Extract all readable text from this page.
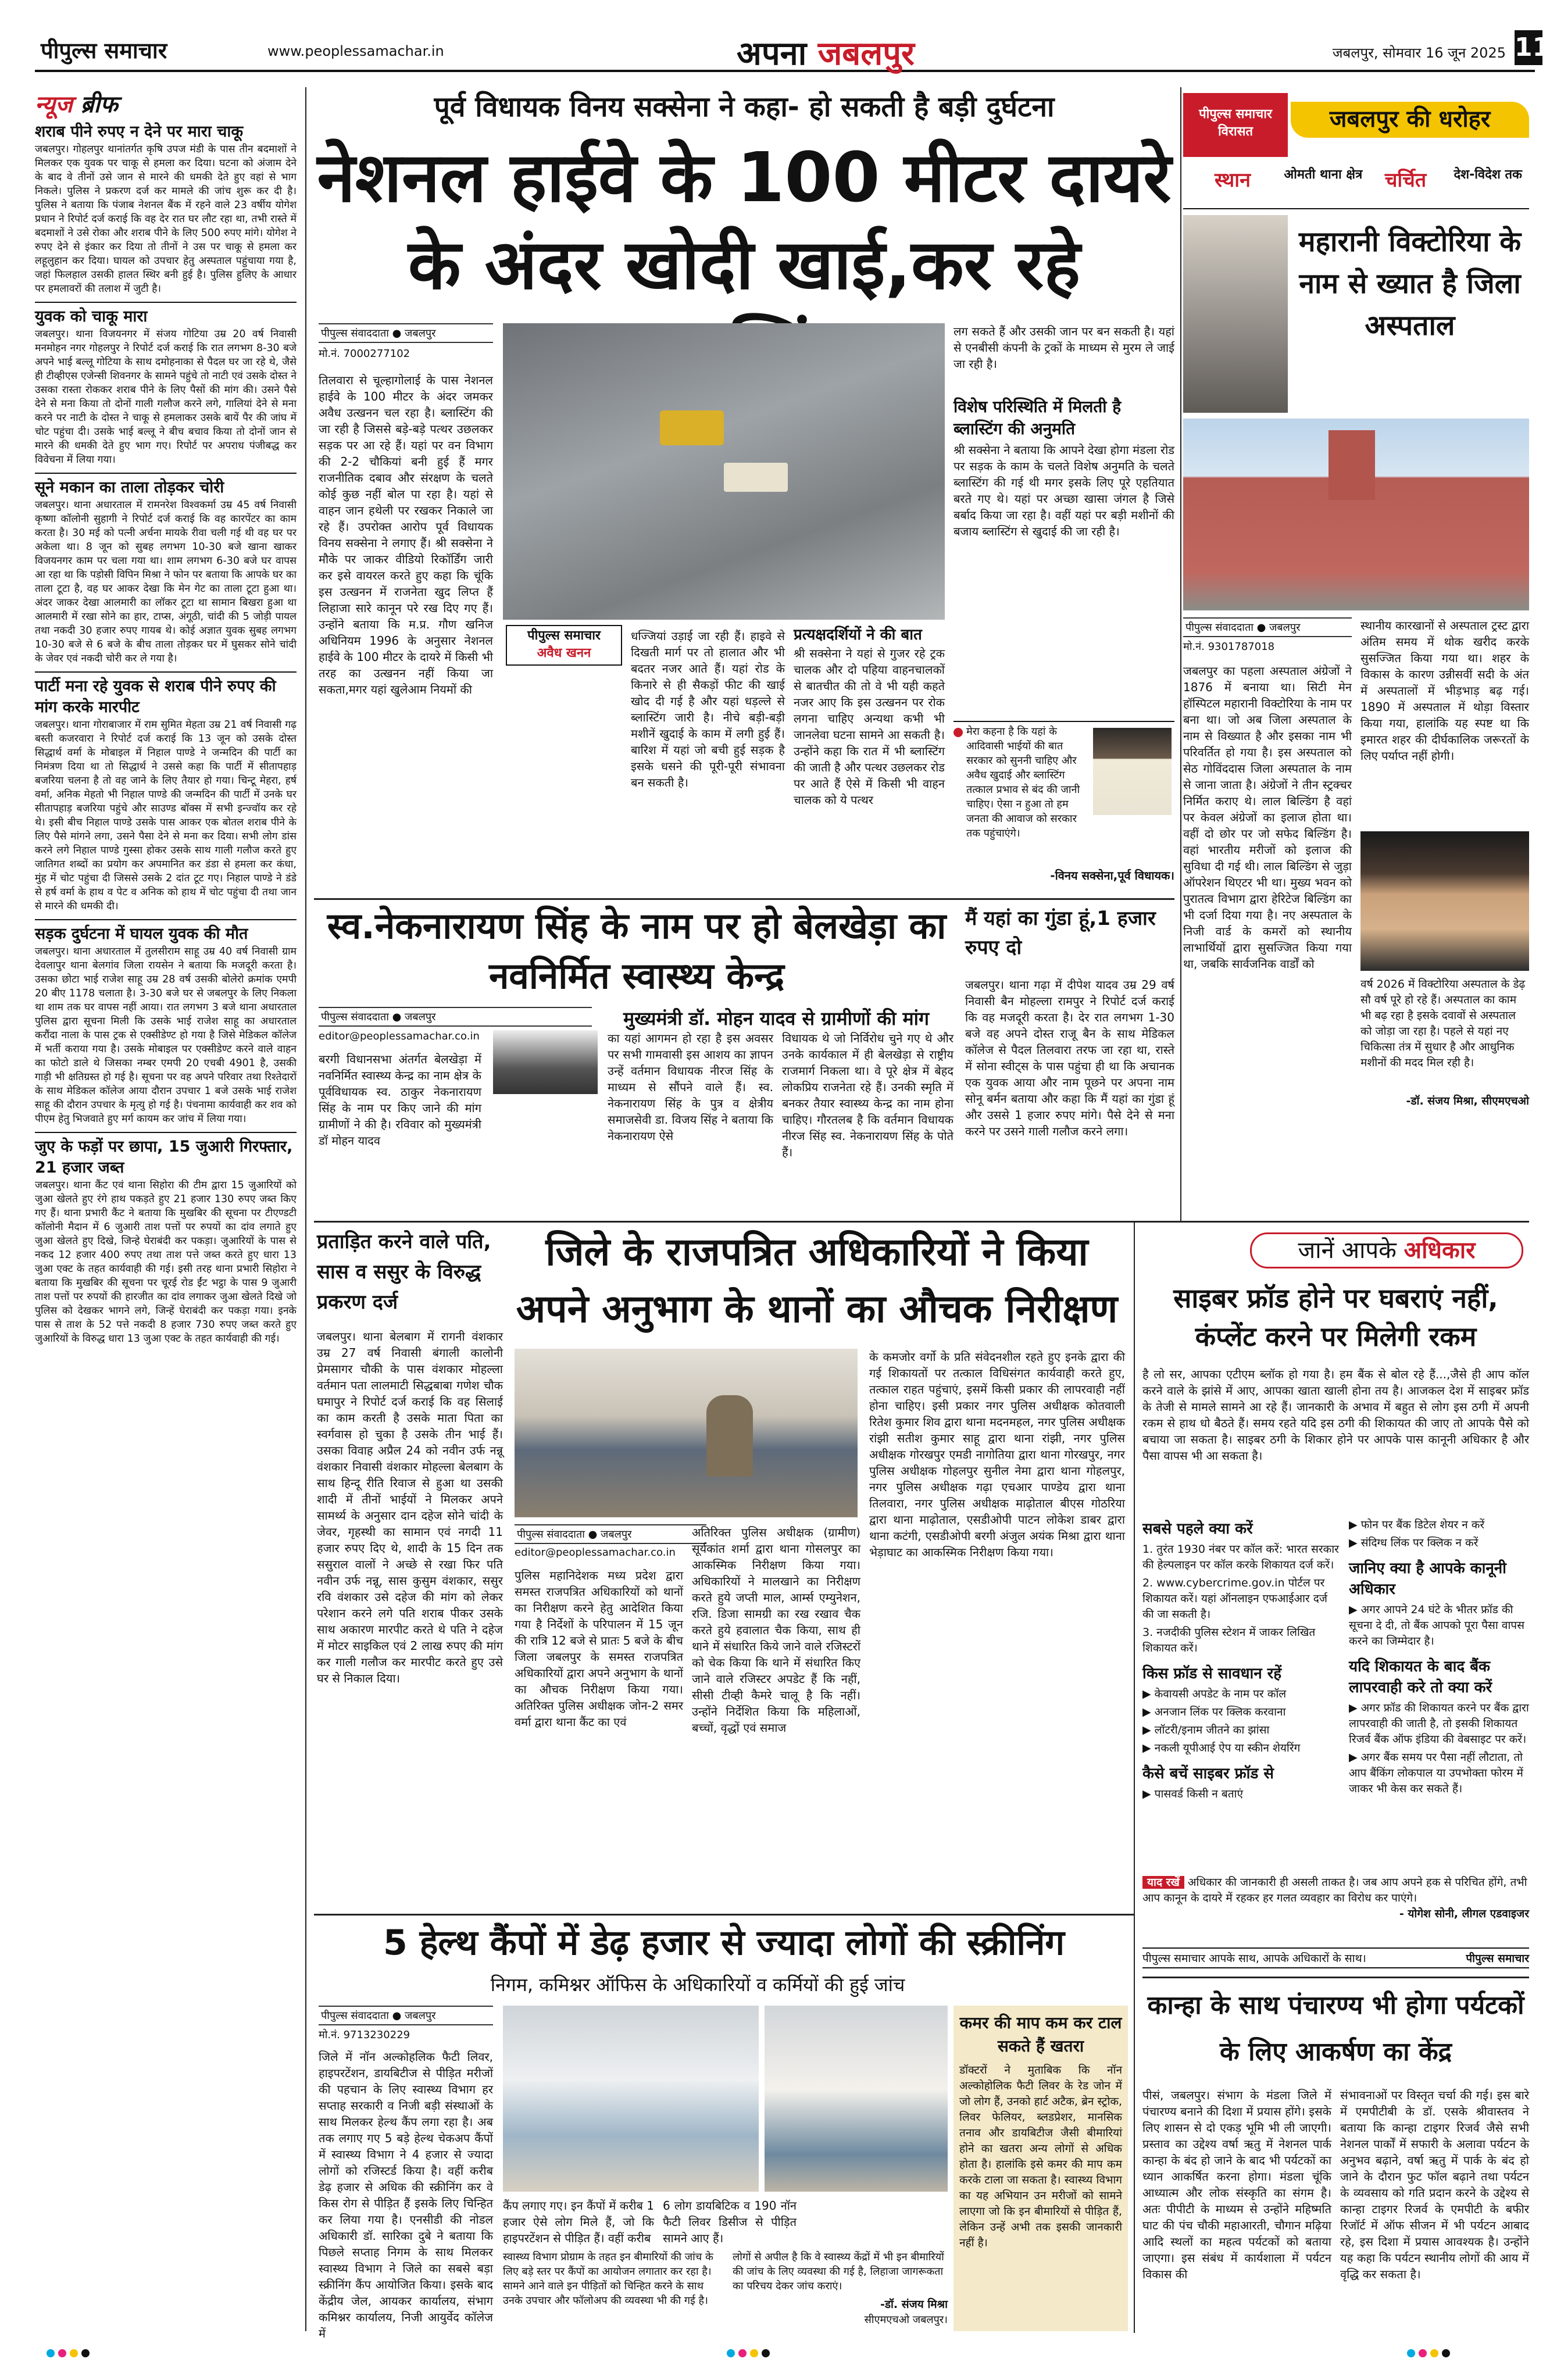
पीपुल्स समाचार	www.peoplessamachar.in	अपना जबलपुर	जबलपुर, सोमवार 16 जून 2025 11
न्यूज ब्रीफ
शराब पीने रुपए न देने पर मारा चाकू
जबलपुर। गोहलपुर थानांतर्गत कृषि उपज मंडी के पास तीन बदमाशों ने मिलकर एक युवक पर चाकू से हमला कर दिया। घटना को अंजाम देने के बाद वे तीनों उसे जान से मारने की धमकी देते हुए वहां से भाग निकले। पुलिस ने प्रकरण दर्ज कर मामले की जांच शुरू कर दी है। पुलिस ने बताया कि पंजाब नेशनल बैंक में रहने वाले 23 वर्षीय योगेश प्रधान ने रिपोर्ट दर्ज कराई कि वह देर रात घर लौट रहा था, तभी रास्ते में बदमाशों ने उसे रोका और शराब पीने के लिए 500 रुपए मांगे। योगेश ने रुपए देने से इंकार कर दिया तो तीनों ने उस पर चाकू से हमला कर लहूलुहान कर दिया। घायल को उपचार हेतु अस्पताल पहुंचाया गया है, जहां फिलहाल उसकी हालत स्थिर बनी हुई है। पुलिस हुलिए के आधार पर हमलावरों की तलाश में जुटी है।
युवक को चाकू मारा
जबलपुर। थाना विजयनगर में संजय गोटिया उम्र 20 वर्ष निवासी मनमोहन नगर गोहलपुर ने रिपोर्ट दर्ज कराई कि रात लगभग 8-30 बजे अपने भाई बल्लू गोटिया के साथ दमोहनाका से पैदल घर जा रहे थे, जैसे ही टीव्हीएस एजेन्सी शिवनगर के सामने पहुंचे तो नाटी एवं उसके दोस्त ने उसका रास्ता रोककर शराब पीने के लिए पैसों की मांग की। उसने पैसे देने से मना किया तो दोनों गाली गलौज करने लगे, गालियां देने से मना करने पर नाटी के दोस्त ने चाकू से हमलाकर उसके बायें पैर की जांघ में चोट पहुंचा दी। उसके भाई बल्लू ने बीच बचाव किया तो दोनों जान से मारने की धमकी देते हुए भाग गए। रिपोर्ट पर अपराध पंजीबद्ध कर विवेचना में लिया गया।
सूने मकान का ताला तोड़कर चोरी
जबलपुर। थाना अधारताल में रामनरेश विश्वकर्मा उम्र 45 वर्ष निवासी कृष्णा कॉलोनी सुहागी ने रिपोर्ट दर्ज कराई कि वह कारपेंटर का काम करता है। 30 मई को पत्नी अर्चना मायके रीवा चली गई थी वह घर पर अकेला था। 8 जून को सुबह लगभग 10-30 बजे खाना खाकर विजयनगर काम पर चला गया था। शाम लगभग 6-30 बजे घर वापस आ रहा था कि पड़ोसी विपिन मिश्रा ने फोन पर बताया कि आपके घर का ताला टूटा है, वह घर आकर देखा कि मेन गेट का ताला टूटा हुआ था। अंदर जाकर देखा आलमारी का लॉकर टूटा था सामान बिखरा हुआ था आलमारी में रखा सोने का हार, टाप्स, अंगूठी, चांदी की 5 जोड़ी पायल तथा नकदी 30 हजार रुपए गायब थे। कोई अज्ञात युवक सुबह लगभग 10-30 बजे से 6 बजे के बीच ताला तोड़कर घर में घुसकर सोने चांदी के जेवर एवं नकदी चोरी कर ले गया है।
पार्टी मना रहे युवक से शराब पीने रुपए की मांग करके मारपीट
जबलपुर। थाना गोराबाजार में राम सुमित मेहता उम्र 21 वर्ष निवासी गढ़ बस्ती कजरवारा ने रिपोर्ट दर्ज कराई कि 13 जून को उसके दोस्त सिद्धार्थ वर्मा के मोबाइल में निहाल पाण्डे ने जन्मदिन की पार्टी का निमंत्रण दिया था तो सिद्धार्थ ने उससे कहा कि पार्टी में सीतापहाड़ बजरिया चलना है तो वह जाने के लिए तैयार हो गया। चिन्टू मेहरा, हर्ष वर्मा, अनिक मेहतो भी निहाल पाण्डे की जन्मदिन की पार्टी में उनके घर सीतापहाड़ बजरिया पहुंचे और साउण्ड बॉक्स में सभी इन्ज्वॉय कर रहे थे। इसी बीच निहाल पाण्डे उसके पास आकर एक बोतल शराब पीने के लिए पैसे मांगने लगा, उसने पैसा देने से मना कर दिया। सभी लोग डांस करने लगे निहाल पाण्डे गुस्सा होकर उसके साथ गाली गलौज करते हुए जातिगत शब्दों का प्रयोग कर अपमानित कर डंडा से हमला कर कंधा, मुंह में चोट पहुंचा दी जिससे उसके 2 दांत टूट गए। निहाल पाण्डे ने डंडे से हर्ष वर्मा के हाथ व पेट व अनिक को हाथ में चोट पहुंचा दी तथा जान से मारने की धमकी दी।
सड़क दुर्घटना में घायल युवक की मौत
जबलपुर। थाना अधारताल में तुलसीराम साहू उम्र 40 वर्ष निवासी ग्राम देवलापुर थाना बेलगांव जिला रायसेन ने बताया कि मजदूरी करता है। उसका छोटा भाई राजेश साहू उम्र 28 वर्ष उसकी बोलेरो क्रमांक एमपी 20 बीए 1178 चलाता है। 3-30 बजे घर से जबलपुर के लिए निकला था शाम तक घर वापस नहीं आया। रात लगभग 3 बजे थाना अधारताल पुलिस द्वारा सूचना मिली कि उसके भाई राजेश साहू का अधारताल करौंदा नाला के पास ट्रक से एक्सीडेण्ट हो गया है जिसे मेडिकल कॉलेज में भर्ती कराया गया है। उसके मोबाइल पर एक्सीडेण्ट करने वाले वाहन का फोटो डाले थे जिसका नम्बर एमपी 20 एचबी 4901 है, उसकी गाड़ी भी क्षतिग्रस्त हो गई है। सूचना पर वह अपने परिवार तथा रिश्तेदारों के साथ मेडिकल कॉलेज आया दौरान उपचार 1 बजे उसके भाई राजेश साहू की दौरान उपचार के मृत्यु हो गई है। पंचनामा कार्यवाही कर शव को पीएम हेतु भिजवाते हुए मर्ग कायम कर जांच में लिया गया।
जुए के फड़ों पर छापा, 15 जुआरी गिरफ्तार, 21 हजार जब्त
जबलपुर। थाना कैंट एवं थाना सिहोरा की टीम द्वारा 15 जुआरियों को जुआ खेलते हुए रंगे हाथ पकड़ते हुए 21 हजार 130 रुपए जब्त किए गए हैं। थाना प्रभारी कैंट ने बताया कि मुखबिर की सूचना पर टीएण्डटी कॉलोनी मैदान में 6 जुआरी ताश पत्तों पर रुपयों का दांव लगाते हुए जुआ खेलते हुए दिखे, जिन्हे घेराबंदी कर पकड़ा। जुआरियों के पास से नकद 12 हजार 400 रुपए तथा ताश पत्ते जब्त करते हुए धारा 13 जुआ एक्ट के तहत कार्यवाही की गई। इसी तरह थाना प्रभारी सिहोरा ने बताया कि मुखबिर की सूचना पर चूरई रोड ईंट भट्ठा के पास 9 जुआरी ताश पत्तों पर रुपयों की हारजीत का दांव लगाकर जुआ खेलते दिखे जो पुलिस को देखकर भागने लगे, जिन्हें घेराबंदी कर पकड़ा गया। इनके पास से ताश के 52 पत्ते नकदी 8 हजार 730 रुपए जब्त करते हुए जुआरियों के विरुद्ध धारा 13 जुआ एक्ट के तहत कार्यवाही की गई।
पूर्व विधायक विनय सक्सेना ने कहा- हो सकती है बड़ी दुर्घटना
नेशनल हाईवे के 100 मीटर दायरे के अंदर खोदी खाई,कर रहे
पीपुल्स संवाददाता ● जबलपुर
मो.नं. 7000277102
तिलवारा से चूल्हागोलाई के पास नेशनल हाईवे के 100 मीटर के अंदर जमकर अवैध उत्खनन चल रहा है। ब्लास्टिंग की जा रही है जिससे बड़े-बड़े पत्थर उछलकर सड़क पर आ रहे हैं। यहां पर वन विभाग की 2-2 चौकियां बनी हुई हैं मगर राजनीतिक दबाव और संरक्षण के चलते कोई कुछ नहीं बोल पा रहा है। यहां से वाहन जान हथेली पर रखकर निकाले जा रहे हैं। उपरोक्त आरोप पूर्व विधायक विनय सक्सेना ने लगाए हैं। श्री सक्सेना ने मौके पर जाकर वीडियो रिकॉर्डिंग जारी कर इसे वायरल करते हुए कहा कि चूंकि इस उत्खनन में राजनेता खुद लिप्त हैं लिहाजा सारे कानून परे रख दिए गए हैं। उन्होंने बताया कि म.प्र. गौण खनिज अधिनियम 1996 के अनुसार नेशनल हाईवे के 100 मीटर के दायरे में किसी भी तरह का उत्खनन नहीं किया जा सकता,मगर यहां खुलेआम नियमों की
पीपुल्स समाचार
अवैध खनन
धज्जियां उड़ाई जा रही हैं। हाइवे से दिखती मार्ग पर तो हालात और भी बदतर नजर आते हैं। यहां रोड के किनारे से ही सैकड़ों फीट की खाई खोद दी गई है और यहां धड़ल्ले से ब्लास्टिंग जारी है। नीचे बड़ी-बड़ी मशीनें खुदाई के काम में लगी हुई हैं। बारिश में यहां जो बची हुई सड़क है इसके धसने की पूरी-पूरी संभावना बन सकती है।
प्रत्यक्षदर्शियों ने की बात
श्री सक्सेना ने यहां से गुजर रहे ट्रक चालक और दो पहिया वाहनचालकों से बातचीत की तो वे भी यही कहते नजर आए कि इस उत्खनन पर रोक लगना चाहिए अन्यथा कभी भी जानलेवा घटना सामने आ सकती है। उन्होंने कहा कि रात में भी ब्लास्टिंग की जाती है और पत्थर उछलकर रोड पर आते हैं ऐसे में किसी भी वाहन चालक को ये पत्थर
लग सकते हैं और उसकी जान पर बन सकती है। यहां से एनबीसी कंपनी के ट्रकों के माध्यम से मुरम ले जाई जा रही है।
विशेष परिस्थिति में मिलती है ब्लास्टिंग की अनुमति
श्री सक्सेना ने बताया कि आपने देखा होगा मंडला रोड पर सड़क के काम के चलते विशेष अनुमति के चलते ब्लास्टिंग की गई थी मगर इसके लिए पूरे एहतियात बरते गए थे। यहां पर अच्छा खासा जंगल है जिसे बर्बाद किया जा रहा है। वहीं यहां पर बड़ी मशीनों की बजाय ब्लास्टिंग से खुदाई की जा रही है।
मेरा कहना है कि यहां के आदिवासी भाईयों की बात सरकार को सुननी चाहिए और अवैध खुदाई और ब्लास्टिंग तत्काल प्रभाव से बंद की जानी चाहिए। ऐसा न हुआ तो हम जनता की आवाज को सरकार तक पहुंचाएंगे।
-विनय सक्सेना,पूर्व विधायक।
पीपुल्स समाचार विरासत	जबलपुर की धरोहर
स्थान	ओमती थाना क्षेत्र	चर्चित	देश-विदेश तक
महारानी विक्टोरिया के नाम से ख्यात है जिला अस्पताल
पीपुल्स संवाददाता ● जबलपुर
मो.नं. 9301787018
जबलपुर का पहला अस्पताल अंग्रेजों ने 1876 में बनाया था। सिटी मेन हॉस्पिटल महारानी विक्टोरिया के नाम पर बना था। जो अब जिला अस्पताल के नाम से विख्यात है और इसका नाम भी परिवर्तित हो गया है। इस अस्पताल को सेठ गोविंददास जिला अस्पताल के नाम से जाना जाता है। अंग्रेजों ने तीन स्ट्रक्चर निर्मित कराए थे। लाल बिल्डिंग है वहां पर केवल अंग्रेजों का इलाज होता था। वहीं दो छोर पर जो सफेद बिल्डिंग है। वहां भारतीय मरीजों को इलाज की सुविधा दी गई थी। लाल बिल्डिंग से जुड़ा ऑपरेशन थिएटर भी था। मुख्य भवन को पुरातत्व विभाग द्वारा हेरिटेज बिल्डिंग का भी दर्जा दिया गया है। नए अस्पताल के निजी वार्ड के कमरों को स्थानीय लाभार्थियों द्वारा सुसज्जित किया गया था, जबकि सार्वजनिक वार्डों को
स्थानीय कारखानों से अस्पताल ट्रस्ट द्वारा अंतिम समय में थोक खरीद करके सुसज्जित किया गया था। शहर के विकास के कारण उन्नीसवीं सदी के अंत में अस्पतालों में भीड़भाड़ बढ़ गई। 1890 में अस्पताल में थोड़ा विस्तार किया गया, हालांकि यह स्पष्ट था कि इमारत शहर की दीर्घकालिक जरूरतों के लिए पर्याप्त नहीं होगी।
वर्ष 2026 में विक्टोरिया अस्पताल के डेढ़ सौ वर्ष पूरे हो रहे हैं। अस्पताल का काम भी बढ़ रहा है इसके दवावों से अस्पताल को जोड़ा जा रहा है। पहले से यहां नए चिकित्सा तंत्र में सुधार है और आधुनिक मशीनों की मदद मिल रही है।
-डॉ. संजय मिश्रा, सीएमएचओ
स्व.नेकनारायण सिंह के नाम पर हो बेलखेड़ा का नवनिर्मित स्वास्थ्य केन्द्र
पीपुल्स संवाददाता ● जबलपुर	मुख्यमंत्री डॉ. मोहन यादव से ग्रामीणों की मांग
editor@peoplessamachar.co.in
बरगी विधानसभा अंतर्गत बेलखेड़ा में नवनिर्मित स्वास्थ्य केन्द्र का नाम क्षेत्र के पूर्वविधायक स्व. ठाकुर नेकनारायण सिंह के नाम पर किए जाने की मांग ग्रामीणों ने की है। रविवार को मुख्यमंत्री डॉ मोहन यादव
का यहां आगमन हो रहा है इस अवसर पर सभी गामवासी इस आशय का ज्ञापन उन्हें वर्तमान विधायक नीरज सिंह के माध्यम से सौंपने वाले हैं। स्व. नेकनारायण सिंह के पुत्र व क्षेत्रीय समाजसेवी डा. विजय सिंह ने बताया कि नेकनारायण ऐसे
विधायक थे जो निर्विरोध चुने गए थे और उनके कार्यकाल में ही बेलखेड़ा से राष्ट्रीय राजमार्ग निकला था। वे पूरे क्षेत्र में बेहद लोकप्रिय राजनेता रहे हैं। उनकी स्मृति में बनकर तैयार स्वास्थ्य केन्द्र का नाम होना चाहिए। गौरतलब है कि वर्तमान विधायक नीरज सिंह स्व. नेकनारायण सिंह के पोते हैं।
मैं यहां का गुंडा हूं,1 हजार रुपए दो
जबलपुर। थाना गढ़ा में दीपेश यादव उम्र 29 वर्ष निवासी बैन मोहल्ला रामपुर ने रिपोर्ट दर्ज कराई कि वह मजदूरी करता है। देर रात लगभग 1-30 बजे वह अपने दोस्त राजू बैन के साथ मेडिकल कॉलेज से पैदल तिलवारा तरफ जा रहा था, रास्ते में सोना स्वीट्स के पास पहुंचा ही था कि अचानक एक युवक आया और नाम पूछने पर अपना नाम सोनू बर्मन बताया और कहा कि मैं यहां का गुंडा हूं और उससे 1 हजार रुपए मांगे। पैसे देने से मना करने पर उसने गाली गलौज करने लगा।
प्रताड़ित करने वाले पति, सास व ससुर के विरुद्ध प्रकरण दर्ज
जबलपुर। थाना बेलबाग में रागनी वंशकार उम्र 27 वर्ष निवासी बंगाली कालोनी प्रेमसागर चौकी के पास वंशकार मोहल्ला वर्तमान पता लालमाटी सिद्धबाबा गणेश चौक घमापुर ने रिपोर्ट दर्ज कराई कि वह सिलाई का काम करती है उसके माता पिता का स्वर्गवास हो चुका है उसके तीन भाई हैं। उसका विवाह अप्रैल 24 को नवीन उर्फ नन्नू वंशकार निवासी वंशकार मोहल्ला बेलबाग के साथ हिन्दू रीति रिवाज से हुआ था उसकी शादी में तीनों भाईयों ने मिलकर अपने सामर्थ्य के अनुसार दान दहेज सोने चांदी के जेवर, गृहस्थी का सामान एवं नगदी 11 हजार रुपए दिए थे, शादी के 15 दिन तक ससुराल वालों ने अच्छे से रखा फिर पति नवीन उर्फ नन्नू, सास कुसुम वंशकार, ससुर रवि वंशकार उसे दहेज की मांग को लेकर परेशान करने लगे पति शराब पीकर उसके साथ अकारण मारपीट करते थे पति ने दहेज में मोटर साइकिल एवं 2 लाख रुपए की मांग कर गाली गलौज कर मारपीट करते हुए उसे घर से निकाल दिया।
जिले के राजपत्रित अधिकारियों ने किया अपने अनुभाग के थानों का औचक निरीक्षण
पीपुल्स संवाददाता ● जबलपुर
editor@peoplessamachar.co.in
पुलिस महानिदेशक मध्य प्रदेश द्वारा समस्त राजपत्रित अधिकारियों को थानों का निरीक्षण करने हेतु आदेशित किया गया है निर्देशों के परिपालन में 15 जून की रात्रि 12 बजे से प्रातः 5 बजे के बीच जिला जबलपुर के समस्त राजपत्रित अधिकारियों द्वारा अपने अनुभाग के थानों का औचक निरीक्षण किया गया। अतिरिक्त पुलिस अधीक्षक जोन-2 समर वर्मा द्वारा थाना कैंट का एवं
अतिरिक्त पुलिस अधीक्षक (ग्रामीण) सूर्यकांत शर्मा द्वारा थाना गोसलपुर का आकस्मिक निरीक्षण किया गया। अधिकारियों ने मालखाने का निरीक्षण करते हुये जप्ती माल, आर्म्स एम्युनेशन, रजि. डिजा सामग्री का रख रखाव चैक करते हुये हवालात चैक किया, साथ ही थाने में संधारित किये जाने वाले रजिस्टरों को चेक किया कि थाने में संधारित किए जाने वाले रजिस्टर अपडेट हैं कि नहीं, सीसी टीव्ही कैमरे चालू है कि नहीं। उन्होंने निर्देशित किया कि महिलाओं, बच्चों, वृद्धों एवं समाज
के कमजोर वर्गो के प्रति संवेदनशील रहते हुए इनके द्वारा की गई शिकायतों पर तत्काल विधिसंगत कार्यवाही करते हुए, तत्काल राहत पहुंचाएं, इसमें किसी प्रकार की लापरवाही नहीं होना चाहिए। इसी प्रकार नगर पुलिस अधीक्षक कोतवाली रितेश कुमार शिव द्वारा थाना मदनमहल, नगर पुलिस अधीक्षक रांझी सतीश कुमार साहू द्वारा थाना रांझी, नगर पुलिस अधीक्षक गोरखपुर एमडी नागोतिया द्वारा थाना गोरखपुर, नगर पुलिस अधीक्षक गोहलपुर सुनील नेमा द्वारा थाना गोहलपुर, नगर पुलिस अधीक्षक गढ़ा एचआर पाण्डेय द्वारा थाना तिलवारा, नगर पुलिस अधीक्षक माढ़ोताल बीएस गोठरिया द्वारा थाना माढ़ोताल, एसडीओपी पाटन लोकेश डाबर द्वारा थाना कटंगी, एसडीओपी बरगी अंजुल अयंक मिश्रा द्वारा थाना भेड़ाघाट का आकस्मिक निरीक्षण किया गया।
जानें आपके अधिकार
साइबर फ्रॉड होने पर घबराएं नहीं, कंप्लेंट करने पर मिलेगी रकम
है लो सर, आपका एटीएम ब्लॉक हो गया है। हम बैंक से बोल रहे हैं...,जैसे ही आप कॉल करने वाले के झांसे में आए, आपका खाता खाली होना तय है। आजकल देश में साइबर फ्रॉड के तेजी से मामले सामने आ रहे हैं। जानकारी के अभाव में बहुत से लोग इस ठगी में अपनी रकम से हाथ धो बैठते हैं। समय रहते यदि इस ठगी की शिकायत की जाए तो आपके पैसे को बचाया जा सकता है। साइबर ठगी के शिकार होने पर आपके पास कानूनी अधिकार है और पैसा वापस भी आ सकता है।
सबसे पहले क्या करें
1. तुरंत 1930 नंबर पर कॉल करें: भारत सरकार की हेल्पलाइन पर कॉल करके शिकायत दर्ज करें।
2. www.cybercrime.gov.in पोर्टल पर शिकायत करें। यहां ऑनलाइन एफआईआर दर्ज की जा सकती है।
3. नजदीकी पुलिस स्टेशन में जाकर लिखित शिकायत करें।
किस फ्रॉड से सावधान रहें
▶ केवायसी अपडेट के नाम पर कॉल
▶ अनजान लिंक पर क्लिक करवाना
▶ लॉटरी/इनाम जीतने का झांसा
▶ नकली यूपीआई ऐप या स्कीन शेयरिंग
कैसे बचें साइबर फ्रॉड से
▶ पासवर्ड किसी न बताएं
▶ फोन पर बैंक डिटेल शेयर न करें
▶ संदिग्ध लिंक पर क्लिक न करें
जानिए क्या है आपके कानूनी अधिकार
▶ अगर आपने 24 घंटे के भीतर फ्रॉड की सूचना दे दी, तो बैंक आपको पूरा पैसा वापस करने का जिम्मेदार है।
यदि शिकायत के बाद बैंक लापरवाही करे तो क्या करें
▶ अगर फ्रॉड की शिकायत करने पर बैंक द्वारा लापरवाही की जाती है, तो इसकी शिकायत रिजर्व बैंक ऑफ इंडिया की वेबसाइट पर करें।
▶ अगर बैंक समय पर पैसा नहीं लौटाता, तो आप बैंकिंग लोकपाल या उपभोक्ता फोरम में जाकर भी केस कर सकते हैं।
याद रखें अधिकार की जानकारी ही असली ताकत है। जब आप अपने हक से परिचित होंगे, तभी आप कानून के दायरे में रहकर हर गलत व्यवहार का विरोध कर पाएंगे।
- योगेश सोनी, लीगल एडवाइजर
पीपुल्स समाचार आपके साथ, आपके अधिकारों के साथ।	पीपुल्स समाचार
5 हेल्थ कैंपों में डेढ़ हजार से ज्यादा लोगों की स्क्रीनिंग
निगम, कमिश्नर ऑफिस के अधिकारियों व कर्मियों की हुई जांच
पीपुल्स संवाददाता ● जबलपुर
मो.नं. 9713230229
जिले में नॉन अल्कोहलिक फैटी लिवर, हाइपरटेंशन, डायबिटीज से पीड़ित मरीजों की पहचान के लिए स्वास्थ्य विभाग हर सप्ताह सरकारी व निजी बड़ी संस्थाओं के साथ मिलकर हेल्थ कैंप लगा रहा है। अब तक लगाए गए 5 बड़े हेल्थ चेकअप कैंपों में स्वास्थ्य विभाग ने 4 हजार से ज्यादा लोगों को रजिस्टर्ड किया है। वहीं करीब डेढ़ हजार से अधिक की स्क्रीनिंग कर वे किस रोग से पीड़ित हैं इसके लिए चिन्हित कर लिया गया है। एनसीडी की नोडल अधिकारी डॉ. सारिका दुबे ने बताया कि पिछले सप्ताह निगम के साथ मिलकर स्वास्थ्य विभाग ने जिले का सबसे बड़ा स्क्रीनिंग कैंप आयोजित किया। इसके बाद केंद्रीय जेल, आयकर कार्यालय, संभाग कमिश्नर कार्यालय, निजी आयुर्वेद कॉलेज में
कैंप लगाए गए। इन कैंपों में करीब 1 हजार ऐसे लोग मिले हैं, जो कि हाइपरटेंशन से पीड़ित हैं। वहीं करीब
6 लोग डायबिटिक व 190 नॉन फैटी लिवर डिसीज से पीड़ित सामने आए हैं।
स्वास्थ्य विभाग प्रोग्राम के तहत इन बीमारियों की जांच के लिए बड़े स्तर पर कैंपों का आयोजन लगातार कर रहा है। सामने आने वाले इन पीड़ितों को चिन्हित करने के साथ उनके उपचार और फॉलोअप की व्यवस्था भी की गई है।
लोगों से अपील है कि वे स्वास्थ्य केंद्रों में भी इन बीमारियों की जांच के लिए व्यवस्था की गई है, लिहाजा जागरूकता का परिचय देकर जांच कराएं।
-डॉ. संजय मिश्रा
सीएमएचओ जबलपुर।
कमर की माप कम कर टाल सकते हैं खतरा
डॉक्टरों ने मुताबिक कि नॉन अल्कोहोलिक फैटी लिवर के रेड जोन में जो लोग हैं, उनको हार्ट अटैक, ब्रेन स्ट्रोक, लिवर फेलियर, ब्लडप्रेशर, मानसिक तनाव और डायबिटीज जैसी बीमारियां होने का खतरा अन्य लोगों से अधिक होता है। हालांकि इसे कमर की माप कम करके टाला जा सकता है। स्वास्थ्य विभाग का यह अभियान उन मरीजों को सामने लाएगा जो कि इन बीमारियों से पीड़ित हैं, लेकिन उन्हें अभी तक इसकी जानकारी नहीं है।
कान्हा के साथ पंचारण्य भी होगा पर्यटकों के लिए आकर्षण का केंद्र
पीसं, जबलपुर। संभाग के मंडला जिले में पंचारण्य बनाने की दिशा में प्रयास होंगे। इसके लिए शासन से दो एकड़ भूमि भी ली जाएगी। प्रस्ताव का उद्देश्य वर्षा ऋतु में नेशनल पार्क कान्हा के बंद हो जाने के बाद भी पर्यटकों का ध्यान आकर्षित करना होगा। मंडला चूंकि आध्यात्म और लोक संस्कृति का संगम है। अतः पीपीटी के माध्यम से उन्होंने महिष्मति घाट की पंच चौकी महाआरती, चौगान मढ़िया आदि स्थलों का महत्व पर्यटकों को बताया जाएगा। इस संबंध में कार्यशाला में पर्यटन विकास की
संभावनाओं पर विस्तृत चर्चा की गई। इस बारे में एमपीटीबी के डॉ. एसके श्रीवास्तव ने बताया कि कान्हा टाइगर रिजर्व जैसे सभी नेशनल पार्कों में सफारी के अलावा पर्यटन के अनुभव बढ़ाने, वर्षा ऋतु में पार्क के बंद हो जाने के दौरान फुट फॉल बढ़ाने तथा पर्यटन के व्यवसाय को गति प्रदान करने के उद्देश्य से कान्हा टाइगर रिजर्व के एमपीटी के बफीर रिजॉर्ट में ऑफ सीजन में भी पर्यटन आबाद रहे, इस दिशा में प्रयास आवश्यक है। उन्होंने यह कहा कि पर्यटन स्थानीय लोगों की आय में वृद्धि कर सकता है।
